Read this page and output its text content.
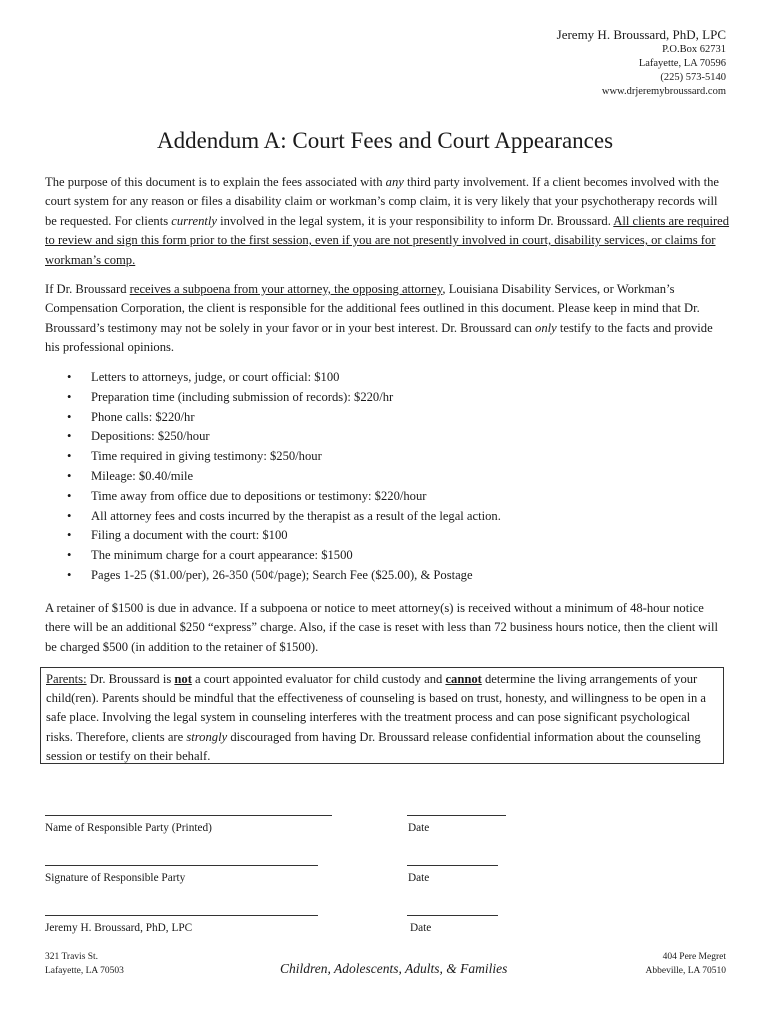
Jeremy H. Broussard, PhD, LPC
P.O.Box 62731
Lafayette, LA 70596
(225) 573-5140
www.drjeremybroussard.com
Addendum A: Court Fees and Court Appearances
The purpose of this document is to explain the fees associated with any third party involvement. If a client becomes involved with the court system for any reason or files a disability claim or workman’s comp claim, it is very likely that your psychotherapy records will be requested. For clients currently involved in the legal system, it is your responsibility to inform Dr. Broussard. All clients are required to review and sign this form prior to the first session, even if you are not presently involved in court, disability services, or claims for workman’s comp.
If Dr. Broussard receives a subpoena from your attorney, the opposing attorney, Louisiana Disability Services, or Workman’s Compensation Corporation, the client is responsible for the additional fees outlined in this document. Please keep in mind that Dr. Broussard’s testimony may not be solely in your favor or in your best interest. Dr. Broussard can only testify to the facts and provide his professional opinions.
• Letters to attorneys, judge, or court official: $100
• Preparation time (including submission of records): $220/hr
• Phone calls: $220/hr
• Depositions: $250/hour
• Time required in giving testimony: $250/hour
• Mileage: $0.40/mile
• Time away from office due to depositions or testimony: $220/hour
• All attorney fees and costs incurred by the therapist as a result of the legal action.
• Filing a document with the court: $100
• The minimum charge for a court appearance: $1500
• Pages 1-25 ($1.00/per), 26-350 (50¢/page); Search Fee ($25.00), & Postage
A retainer of $1500 is due in advance. If a subpoena or notice to meet attorney(s) is received without a minimum of 48-hour notice there will be an additional $250 “express” charge. Also, if the case is reset with less than 72 business hours notice, then the client will be charged $500 (in addition to the retainer of $1500).
Parents: Dr. Broussard is not a court appointed evaluator for child custody and cannot determine the living arrangements of your child(ren). Parents should be mindful that the effectiveness of counseling is based on trust, honesty, and willingness to be open in a safe place. Involving the legal system in counseling interferes with the treatment process and can pose significant psychological risks. Therefore, clients are strongly discouraged from having Dr. Broussard release confidential information about the counseling session or testify on their behalf.
Name of Responsible Party (Printed)	Date
Signature of Responsible Party	Date
Jeremy H. Broussard, PhD, LPC	Date
321 Travis St.
Lafayette, LA 70503	Children, Adolescents, Adults, & Families
404 Pere Megret
Abbeville, LA 70510
